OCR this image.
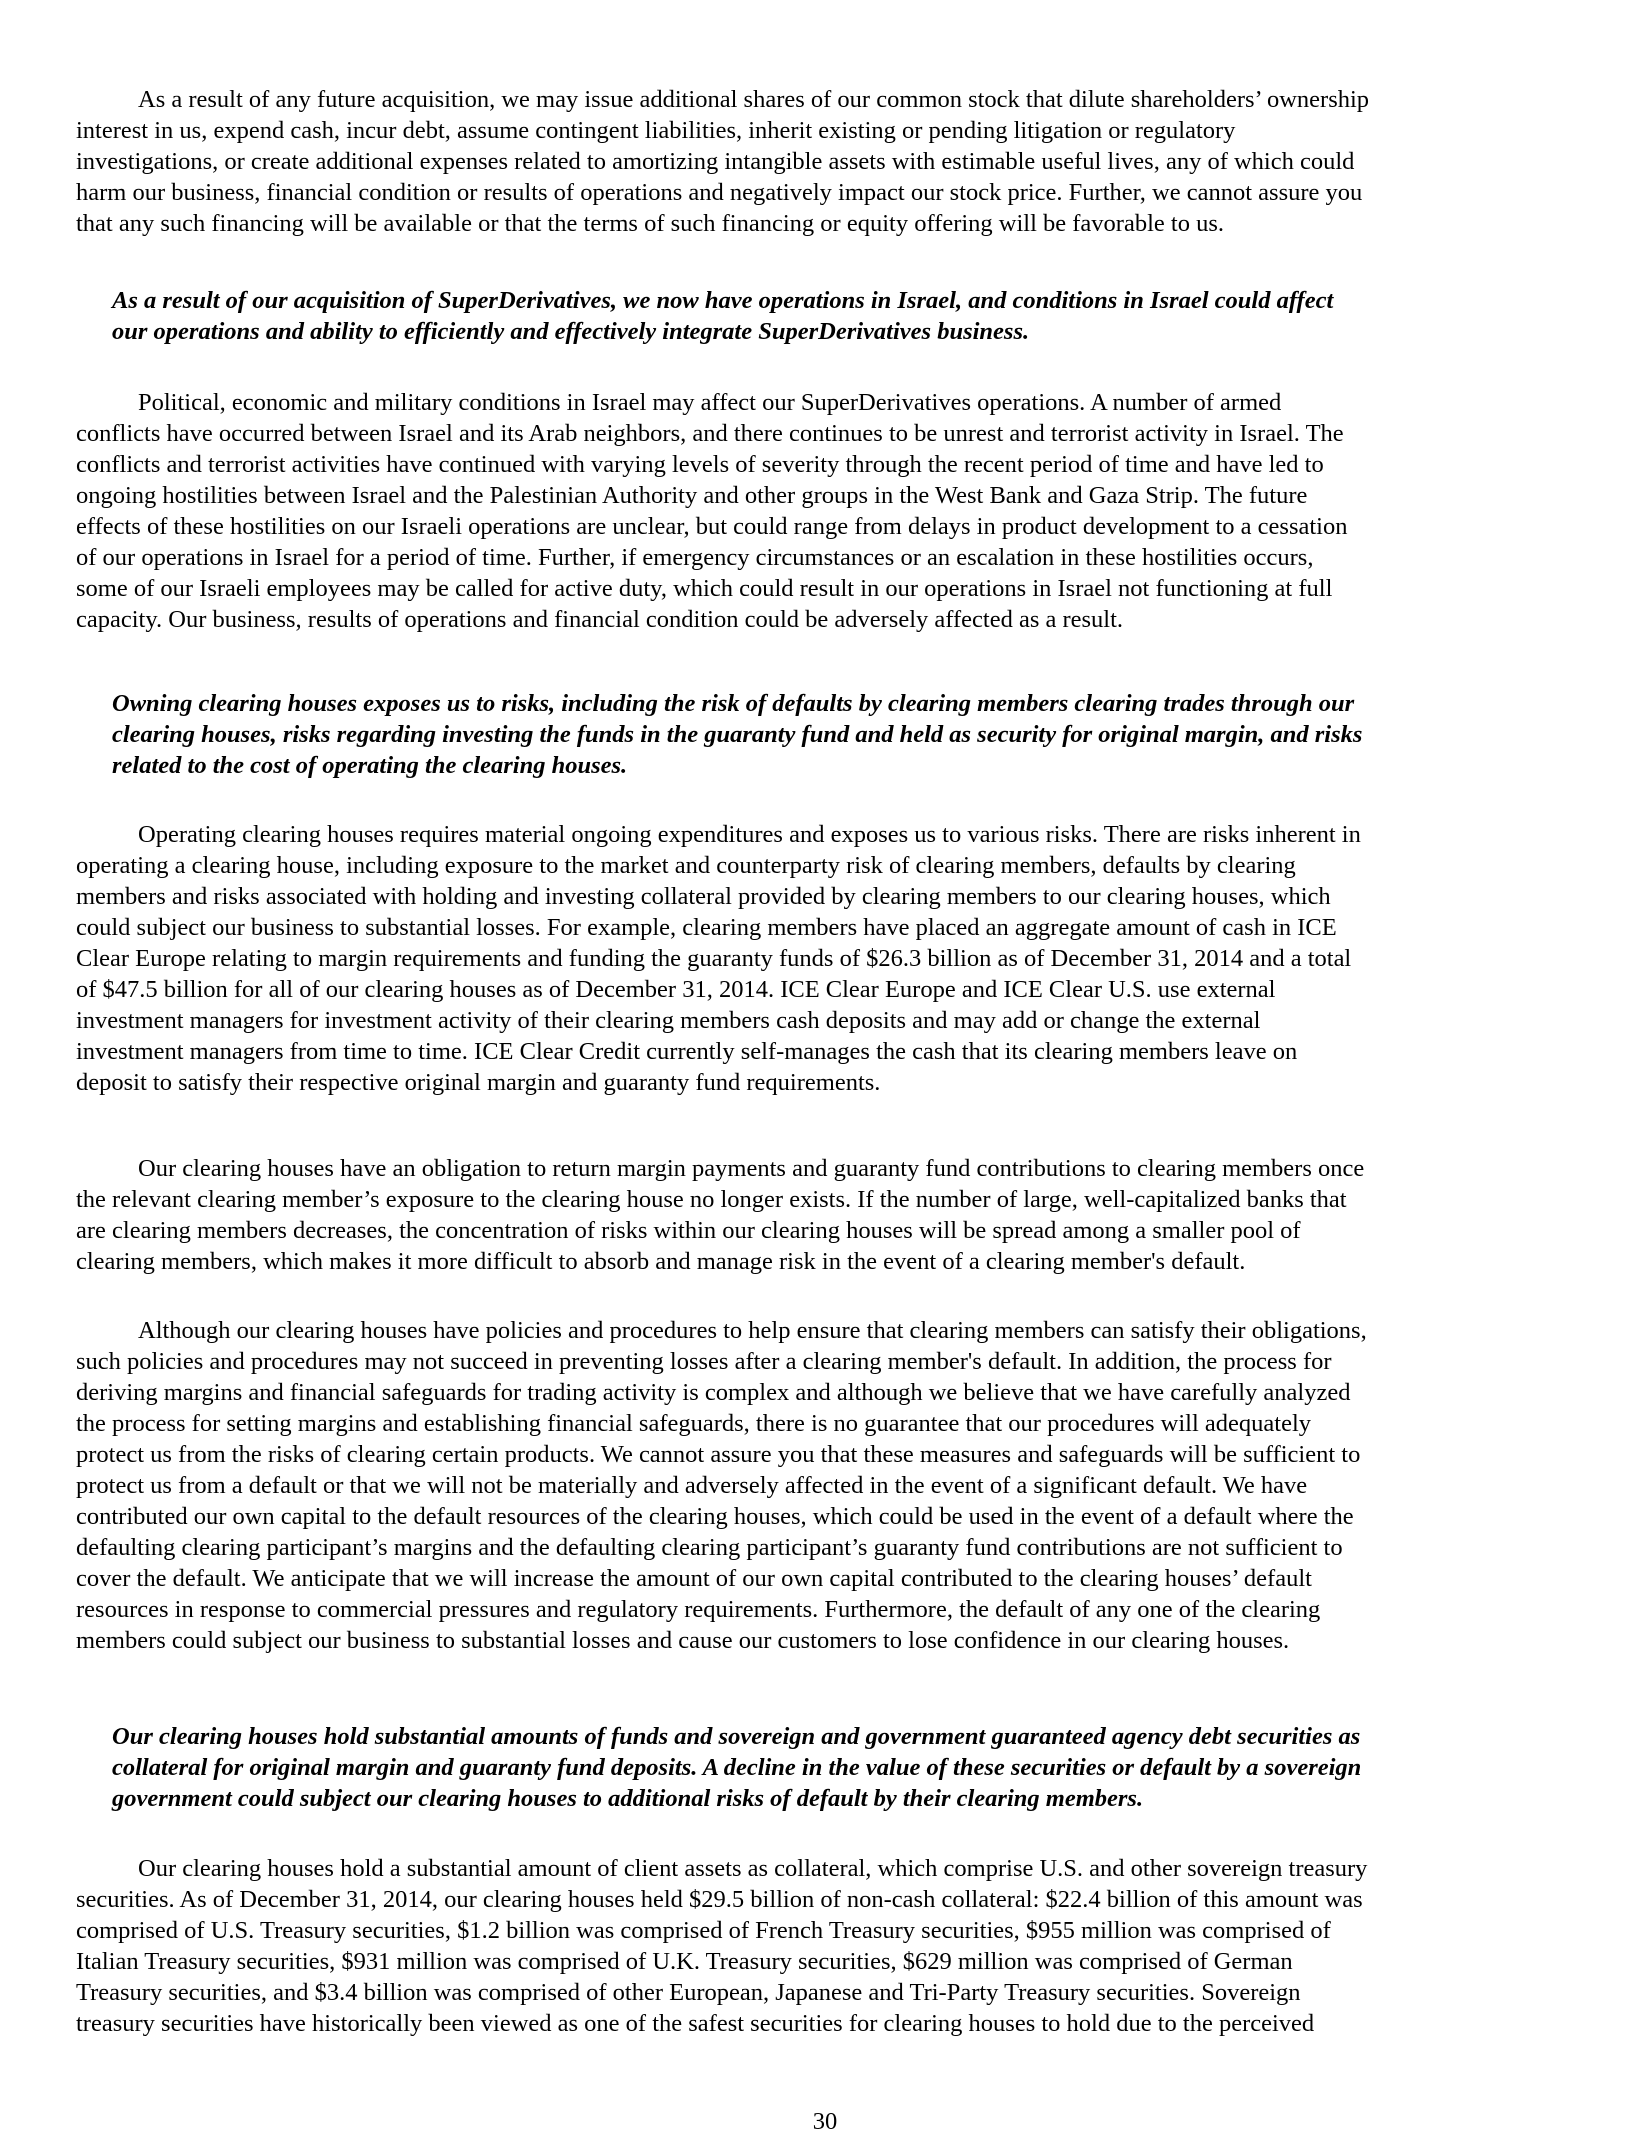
As a result of any future acquisition, we may issue additional shares of our common stock that dilute shareholders’ ownership
interest in us, expend cash, incur debt, assume contingent liabilities, inherit existing or pending litigation or regulatory
investigations, or create additional expenses related to amortizing intangible assets with estimable useful lives, any of which could
harm our business, financial condition or results of operations and negatively impact our stock price. Further, we cannot assure you
that any such financing will be available or that the terms of such financing or equity offering will be favorable to us.
As a result of our acquisition of SuperDerivatives, we now have operations in Israel, and conditions in Israel could affect
our operations and ability to efficiently and effectively integrate SuperDerivatives business.
Political, economic and military conditions in Israel may affect our SuperDerivatives operations. A number of armed
conflicts have occurred between Israel and its Arab neighbors, and there continues to be unrest and terrorist activity in Israel. The
conflicts and terrorist activities have continued with varying levels of severity through the recent period of time and have led to
ongoing hostilities between Israel and the Palestinian Authority and other groups in the West Bank and Gaza Strip. The future
effects of these hostilities on our Israeli operations are unclear, but could range from delays in product development to a cessation
of our operations in Israel for a period of time. Further, if emergency circumstances or an escalation in these hostilities occurs,
some of our Israeli employees may be called for active duty, which could result in our operations in Israel not functioning at full
capacity. Our business, results of operations and financial condition could be adversely affected as a result.
Owning clearing houses exposes us to risks, including the risk of defaults by clearing members clearing trades through our
clearing houses, risks regarding investing the funds in the guaranty fund and held as security for original margin, and risks
related to the cost of operating the clearing houses.
Operating clearing houses requires material ongoing expenditures and exposes us to various risks. There are risks inherent in
operating a clearing house, including exposure to the market and counterparty risk of clearing members, defaults by clearing
members and risks associated with holding and investing collateral provided by clearing members to our clearing houses, which
could subject our business to substantial losses. For example, clearing members have placed an aggregate amount of cash in ICE
Clear Europe relating to margin requirements and funding the guaranty funds of $26.3 billion as of December 31, 2014 and a total
of $47.5 billion for all of our clearing houses as of December 31, 2014. ICE Clear Europe and ICE Clear U.S. use external
investment managers for investment activity of their clearing members cash deposits and may add or change the external
investment managers from time to time. ICE Clear Credit currently self-manages the cash that its clearing members leave on
deposit to satisfy their respective original margin and guaranty fund requirements.
Our clearing houses have an obligation to return margin payments and guaranty fund contributions to clearing members once
the relevant clearing member’s exposure to the clearing house no longer exists. If the number of large, well-capitalized banks that
are clearing members decreases, the concentration of risks within our clearing houses will be spread among a smaller pool of
clearing members, which makes it more difficult to absorb and manage risk in the event of a clearing member's default.
Although our clearing houses have policies and procedures to help ensure that clearing members can satisfy their obligations,
such policies and procedures may not succeed in preventing losses after a clearing member's default. In addition, the process for
deriving margins and financial safeguards for trading activity is complex and although we believe that we have carefully analyzed
the process for setting margins and establishing financial safeguards, there is no guarantee that our procedures will adequately
protect us from the risks of clearing certain products. We cannot assure you that these measures and safeguards will be sufficient to
protect us from a default or that we will not be materially and adversely affected in the event of a significant default. We have
contributed our own capital to the default resources of the clearing houses, which could be used in the event of a default where the
defaulting clearing participant’s margins and the defaulting clearing participant’s guaranty fund contributions are not sufficient to
cover the default. We anticipate that we will increase the amount of our own capital contributed to the clearing houses’ default
resources in response to commercial pressures and regulatory requirements. Furthermore, the default of any one of the clearing
members could subject our business to substantial losses and cause our customers to lose confidence in our clearing houses.
Our clearing houses hold substantial amounts of funds and sovereign and government guaranteed agency debt securities as
collateral for original margin and guaranty fund deposits. A decline in the value of these securities or default by a sovereign
government could subject our clearing houses to additional risks of default by their clearing members.
Our clearing houses hold a substantial amount of client assets as collateral, which comprise U.S. and other sovereign treasury
securities. As of December 31, 2014, our clearing houses held $29.5 billion of non-cash collateral: $22.4 billion of this amount was
comprised of U.S. Treasury securities, $1.2 billion was comprised of French Treasury securities, $955 million was comprised of
Italian Treasury securities, $931 million was comprised of U.K. Treasury securities, $629 million was comprised of German
Treasury securities, and $3.4 billion was comprised of other European, Japanese and Tri-Party Treasury securities. Sovereign
treasury securities have historically been viewed as one of the safest securities for clearing houses to hold due to the perceived
30
